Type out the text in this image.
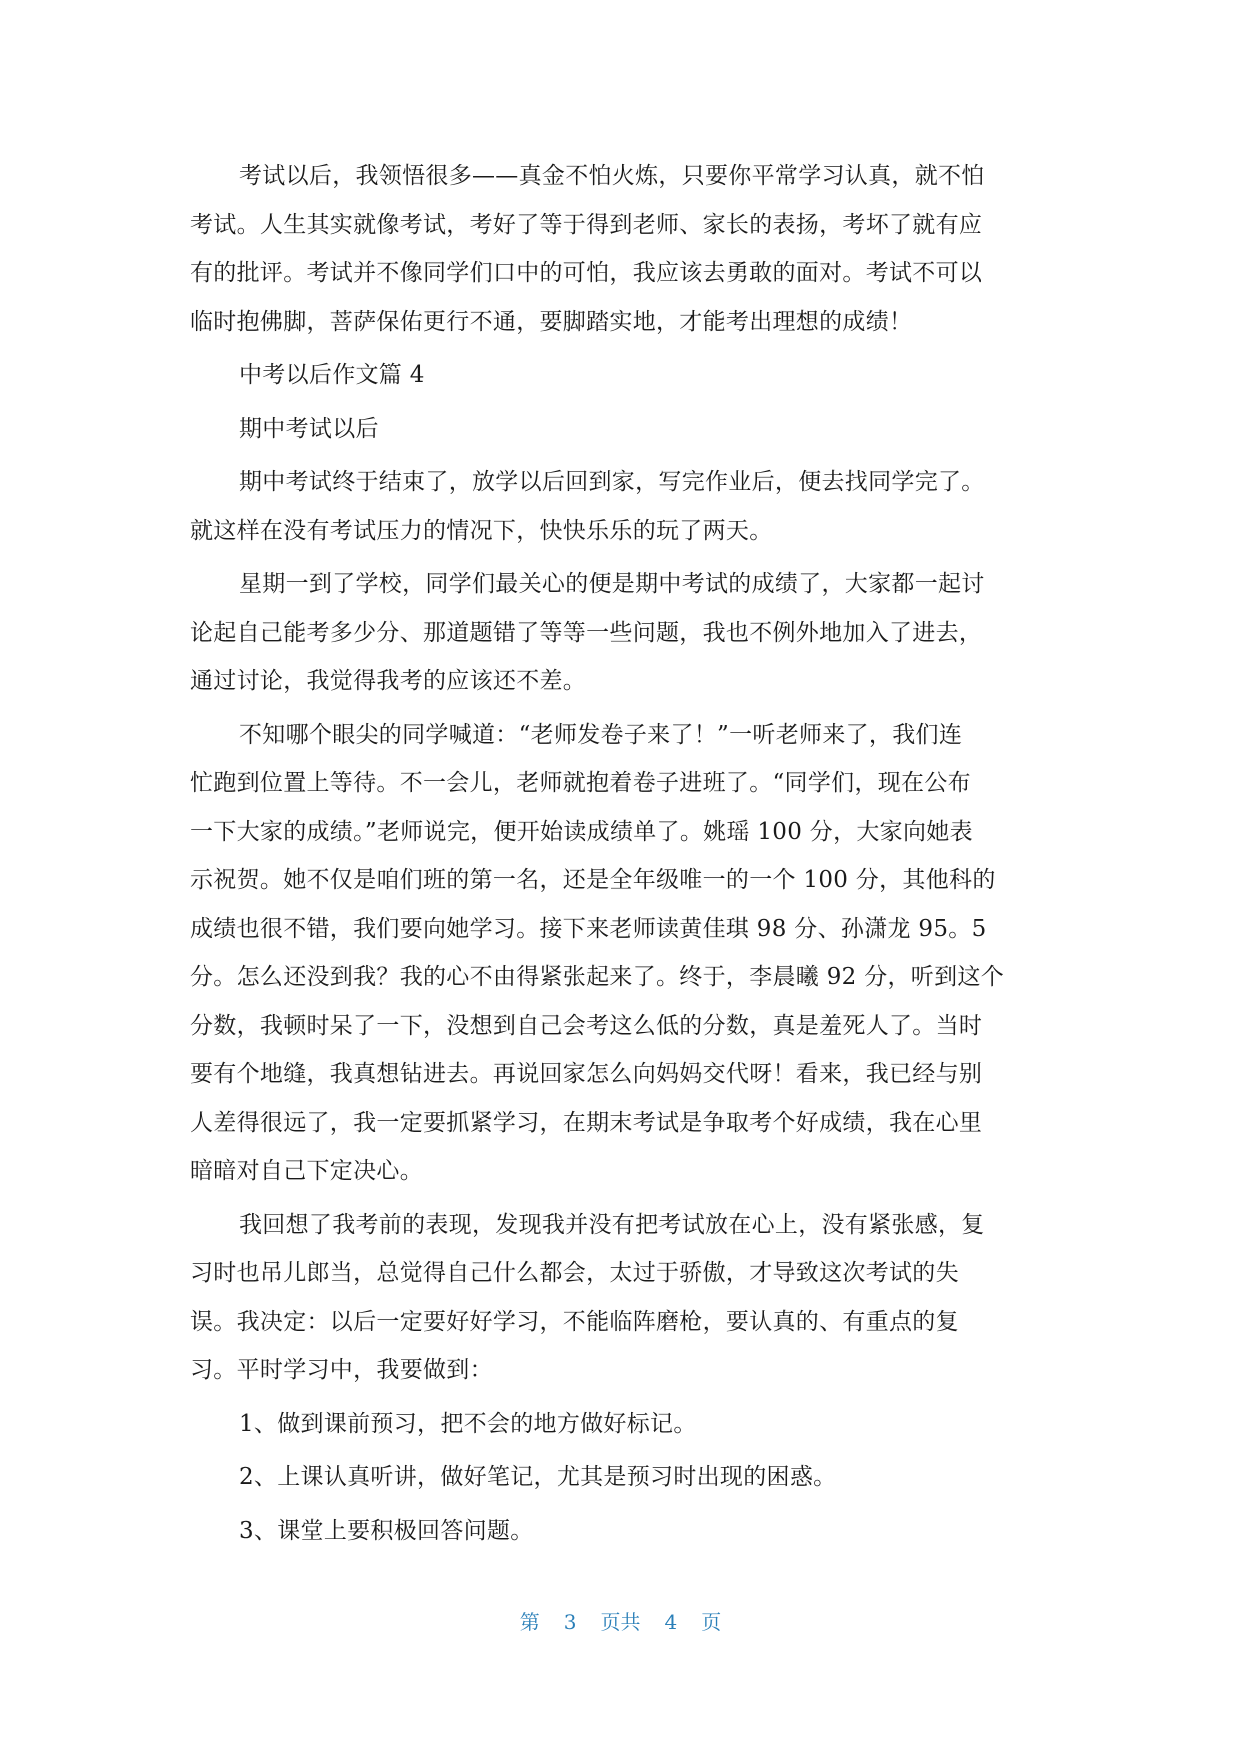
考试以后，我领悟很多——真金不怕火炼，只要你平常学习认真，就不怕
考试。人生其实就像考试，考好了等于得到老师、家长的表扬，考坏了就有应
有的批评。考试并不像同学们口中的可怕，我应该去勇敢的面对。考试不可以
临时抱佛脚，菩萨保佑更行不通，要脚踏实地，才能考出理想的成绩！

中考以后作文篇 4

期中考试以后

期中考试终于结束了，放学以后回到家，写完作业后，便去找同学完了。
就这样在没有考试压力的情况下，快快乐乐的玩了两天。

星期一到了学校，同学们最关心的便是期中考试的成绩了，大家都一起讨
论起自己能考多少分、那道题错了等等一些问题，我也不例外地加入了进去，
通过讨论，我觉得我考的应该还不差。

不知哪个眼尖的同学喊道：“老师发卷子来了！”一听老师来了，我们连
忙跑到位置上等待。不一会儿，老师就抱着卷子进班了。“同学们，现在公布
一下大家的成绩。”老师说完，便开始读成绩单了。姚瑶 100 分，大家向她表
示祝贺。她不仅是咱们班的第一名，还是全年级唯一的一个 100 分，其他科的
成绩也很不错，我们要向她学习。接下来老师读黄佳琪 98 分、孙潇龙 95。5
分。怎么还没到我？我的心不由得紧张起来了。终于，李晨曦 92 分，听到这个
分数，我顿时呆了一下，没想到自己会考这么低的分数，真是羞死人了。当时
要有个地缝，我真想钻进去。再说回家怎么向妈妈交代呀！看来，我已经与别
人差得很远了，我一定要抓紧学习，在期末考试是争取考个好成绩，我在心里
暗暗对自己下定决心。

我回想了我考前的表现，发现我并没有把考试放在心上，没有紧张感，复
习时也吊儿郎当，总觉得自己什么都会，太过于骄傲，才导致这次考试的失
误。我决定：以后一定要好好学习，不能临阵磨枪，要认真的、有重点的复
习。平时学习中，我要做到：

1、做到课前预习，把不会的地方做好标记。

2、上课认真听讲，做好笔记，尤其是预习时出现的困惑。

3、课堂上要积极回答问题。

第 3 页共 4 页
